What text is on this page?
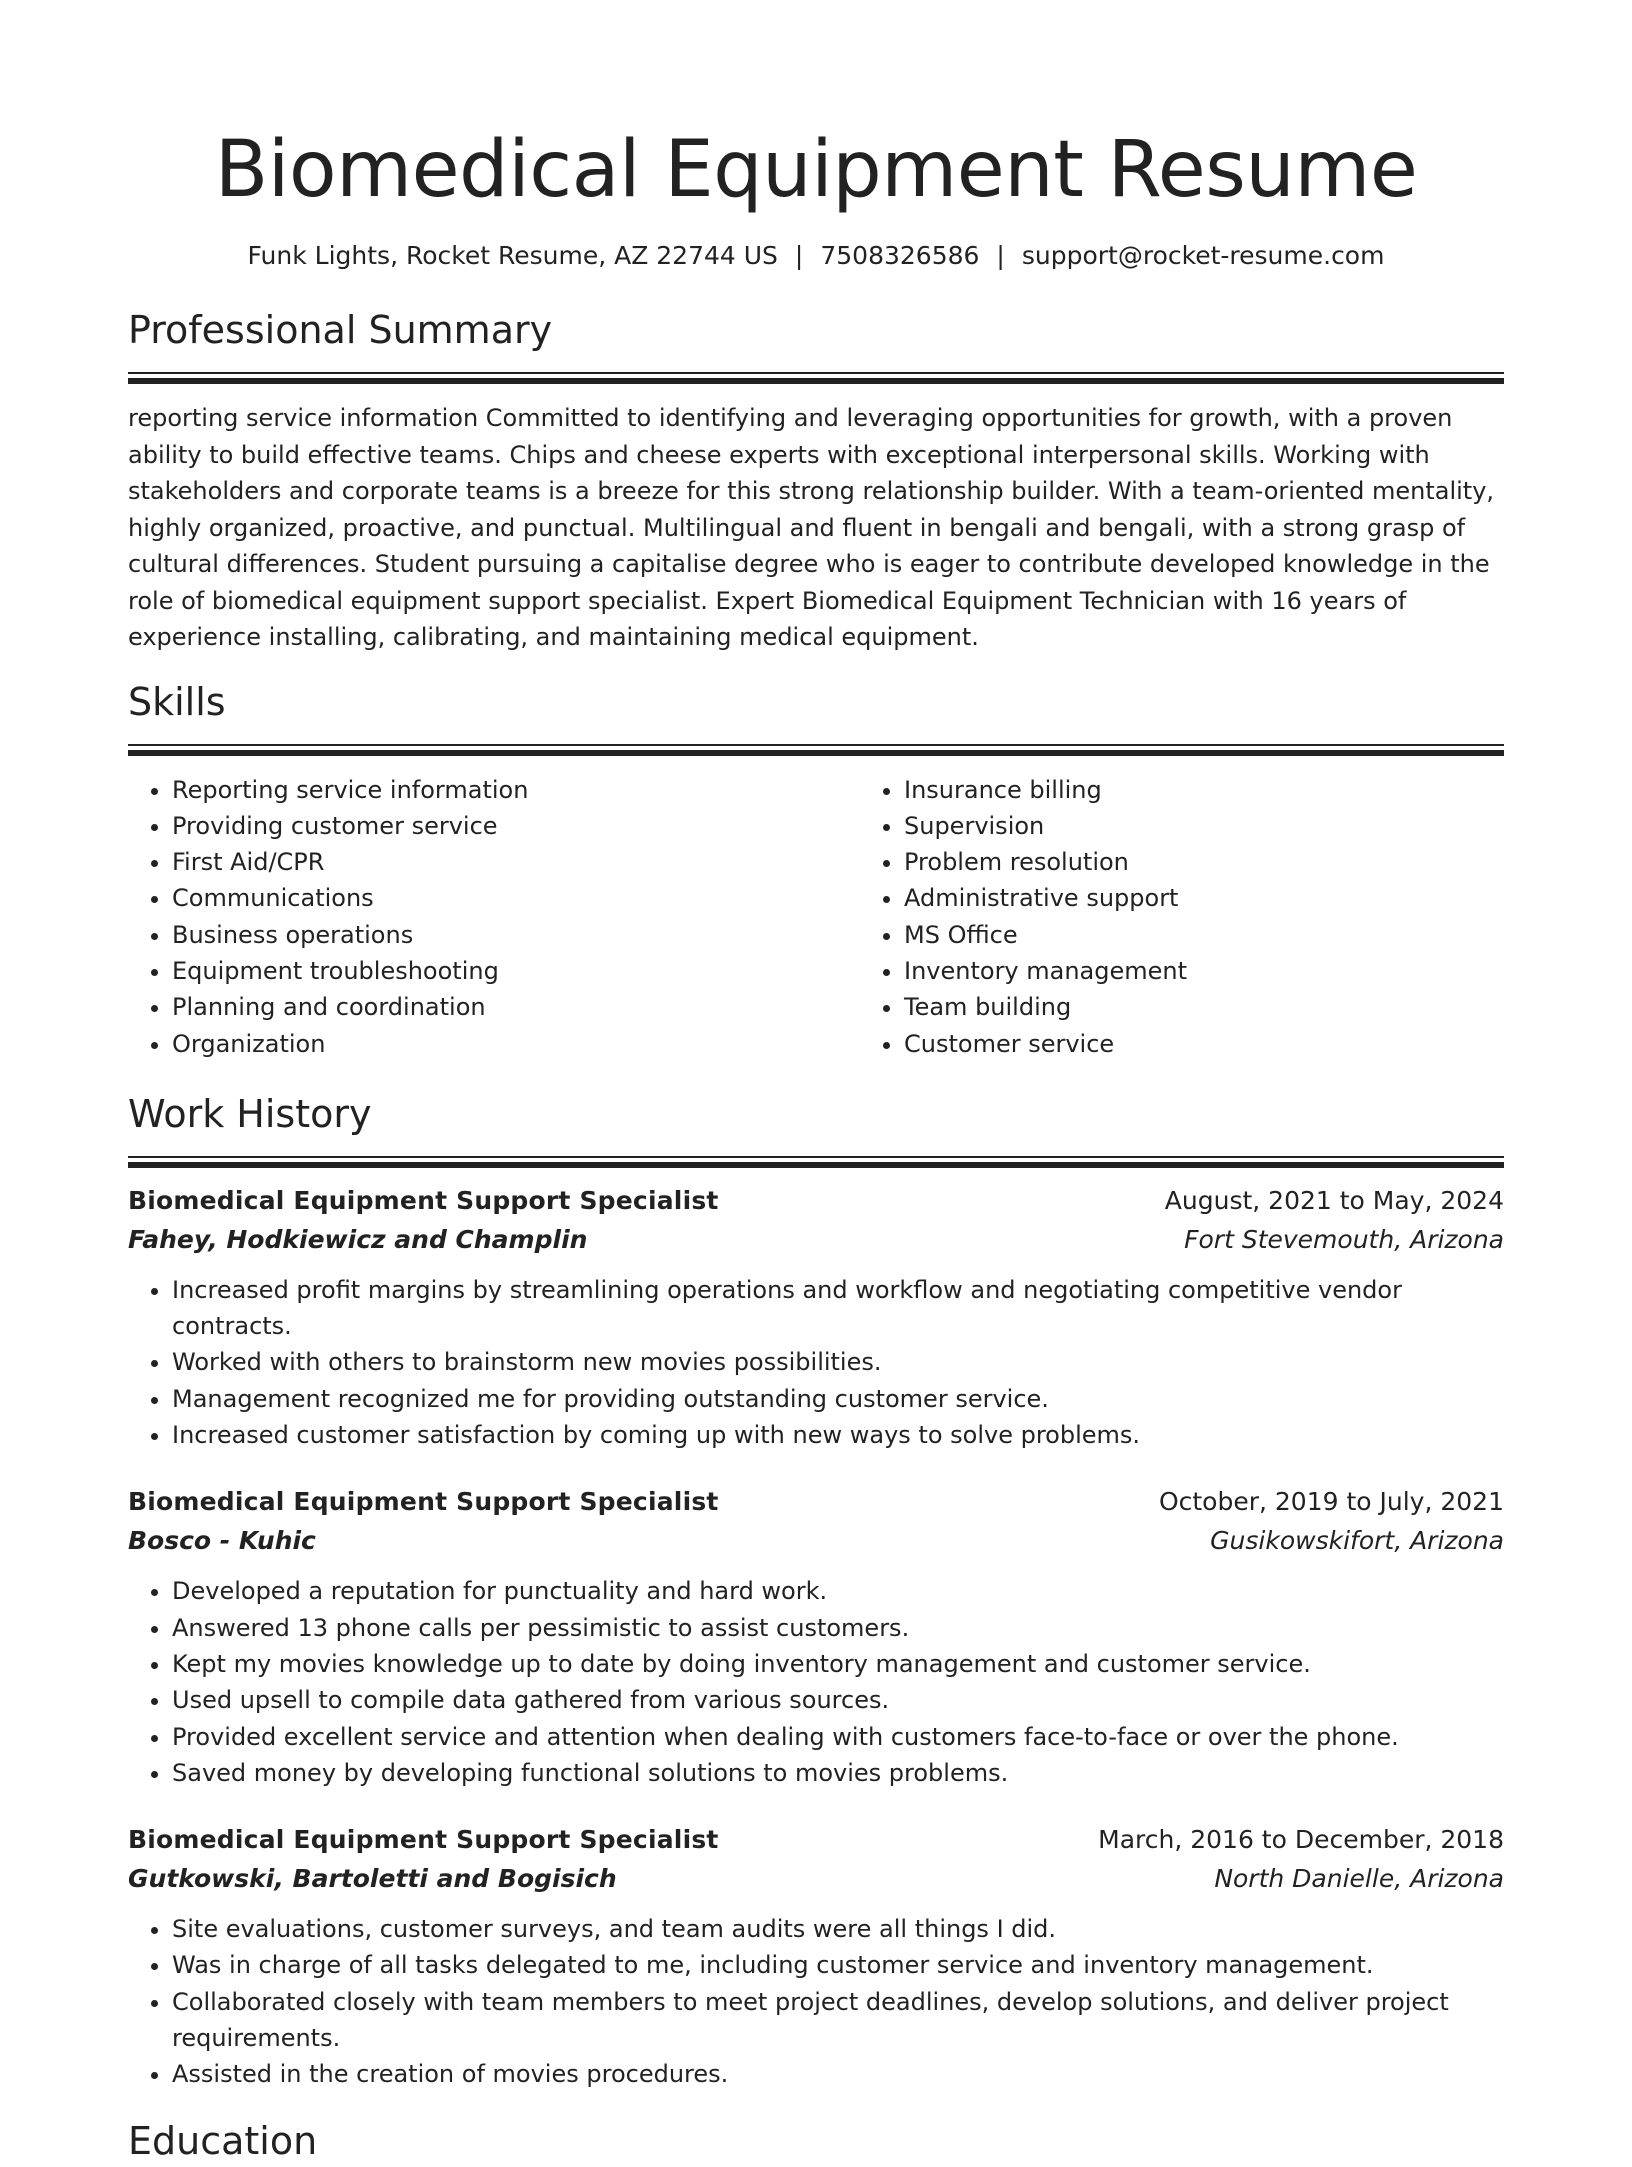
Biomedical Equipment Resume
Funk Lights, Rocket Resume, AZ 22744 US | 7508326586 | support@rocket-resume.com
Professional Summary

reporting service information Committed to identifying and leveraging opportunities for growth, with a proven ability to build effective teams. Chips and cheese experts with exceptional interpersonal skills. Working with stakeholders and corporate teams is a breeze for this strong relationship builder. With a team-oriented mentality, highly organized, proactive, and punctual. Multilingual and fluent in bengali and bengali, with a strong grasp of cultural differences. Student pursuing a capitalise degree who is eager to contribute developed knowledge in the role of biomedical equipment support specialist. Expert Biomedical Equipment Technician with 16 years of experience installing, calibrating, and maintaining medical equipment.

Skills
• Reporting service information
• Providing customer service
• First Aid/CPR
• Communications
• Business operations
• Equipment troubleshooting
• Planning and coordination
• Organization
• Insurance billing
• Supervision
• Problem resolution
• Administrative support
• MS Office
• Inventory management
• Team building
• Customer service
Work History
Biomedical Equipment Support Specialist	August, 2021 to May, 2024
Fahey, Hodkiewicz and Champlin	Fort Stevemouth, Arizona
• Increased profit margins by streamlining operations and workflow and negotiating competitive vendor contracts.
• Worked with others to brainstorm new movies possibilities.
• Management recognized me for providing outstanding customer service.
• Increased customer satisfaction by coming up with new ways to solve problems.
Biomedical Equipment Support Specialist	October, 2019 to July, 2021
Bosco - Kuhic	Gusikowskifort, Arizona
• Developed a reputation for punctuality and hard work.
• Answered 13 phone calls per pessimistic to assist customers.
• Kept my movies knowledge up to date by doing inventory management and customer service.
• Used upsell to compile data gathered from various sources.
• Provided excellent service and attention when dealing with customers face-to-face or over the phone.
• Saved money by developing functional solutions to movies problems.
Biomedical Equipment Support Specialist	March, 2016 to December, 2018
Gutkowski, Bartoletti and Bogisich	North Danielle, Arizona
• Site evaluations, customer surveys, and team audits were all things I did.
• Was in charge of all tasks delegated to me, including customer service and inventory management.
• Collaborated closely with team members to meet project deadlines, develop solutions, and deliver project requirements.
• Assisted in the creation of movies procedures.
Education
